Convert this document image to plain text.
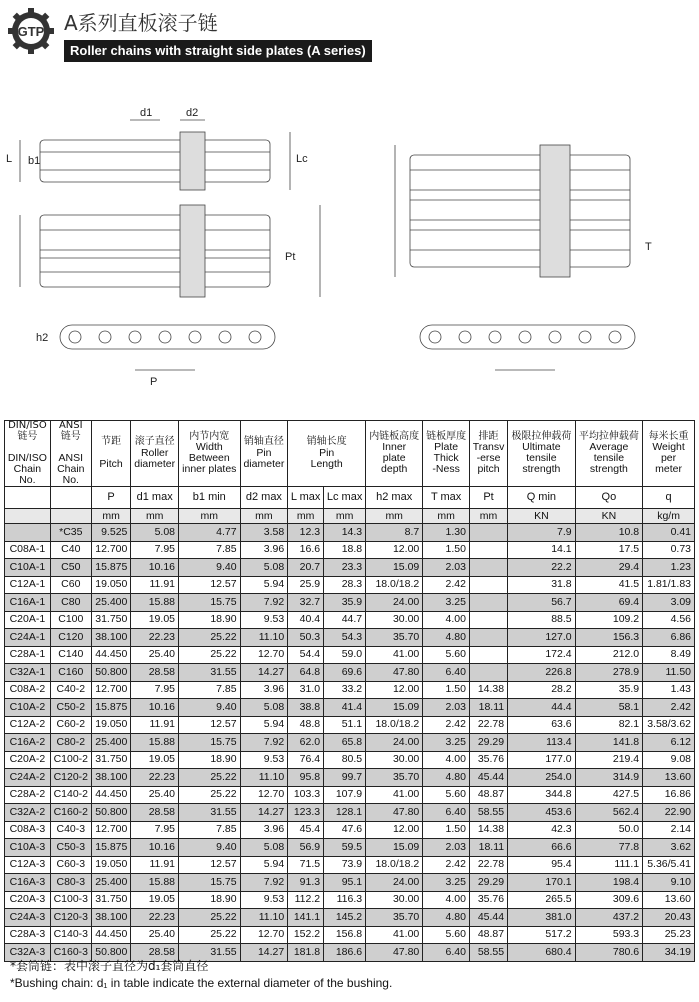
GTP A系列直板滚子链
Roller chains with straight side plates (A series)
d1	d2
L	Lc
b1
Pt
T
h2
P
DIN/ISO
链号

DIN/ISO
Chain
No.	ANSI
链号

ANSI
Chain
No.	节距

Pitch	滚子直径
Roller
diameter	内节内宽
Width
Between
inner plates	销轴直径
Pin
diameter	销轴长度
Pin
Length		内链板高度
Inner
plate
depth	链板厚度
Plate
Thick
-Ness	排距
Transv
-erse
pitch	极限拉伸载荷
Ultimate
tensile
strength	平均拉伸载荷
Average
tensile
strength	每米长重
Weight
per
meter
		P	d1 max	b1 min	d2 max	L max	Lc max	h2 max	T max	Pt	Q min	Qo	q
		mm	mm	mm	mm	mm	mm	mm	mm	mm	KN	KN	kg/m
	*C35	9.525	5.08	4.77	3.58	12.3	14.3	8.7	1.30		7.9	10.8	0.41
C08A-1	C40	12.700	7.95	7.85	3.96	16.6	18.8	12.00	1.50		14.1	17.5	0.73
C10A-1	C50	15.875	10.16	9.40	5.08	20.7	23.3	15.09	2.03		22.2	29.4	1.23
C12A-1	C60	19.050	11.91	12.57	5.94	25.9	28.3	18.0/18.2	2.42		31.8	41.5	1.81/1.83
C16A-1	C80	25.400	15.88	15.75	7.92	32.7	35.9	24.00	3.25		56.7	69.4	3.09
C20A-1	C100	31.750	19.05	18.90	9.53	40.4	44.7	30.00	4.00		88.5	109.2	4.56
C24A-1	C120	38.100	22.23	25.22	11.10	50.3	54.3	35.70	4.80		127.0	156.3	6.86
C28A-1	C140	44.450	25.40	25.22	12.70	54.4	59.0	41.00	5.60		172.4	212.0	8.49
C32A-1	C160	50.800	28.58	31.55	14.27	64.8	69.6	47.80	6.40		226.8	278.9	11.50
C08A-2	C40-2	12.700	7.95	7.85	3.96	31.0	33.2	12.00	1.50	14.38	28.2	35.9	1.43
C10A-2	C50-2	15.875	10.16	9.40	5.08	38.8	41.4	15.09	2.03	18.11	44.4	58.1	2.42
C12A-2	C60-2	19.050	11.91	12.57	5.94	48.8	51.1	18.0/18.2	2.42	22.78	63.6	82.1	3.58/3.62
C16A-2	C80-2	25.400	15.88	15.75	7.92	62.0	65.8	24.00	3.25	29.29	113.4	141.8	6.12
C20A-2	C100-2	31.750	19.05	18.90	9.53	76.4	80.5	30.00	4.00	35.76	177.0	219.4	9.08
C24A-2	C120-2	38.100	22.23	25.22	11.10	95.8	99.7	35.70	4.80	45.44	254.0	314.9	13.60
C28A-2	C140-2	44.450	25.40	25.22	12.70	103.3	107.9	41.00	5.60	48.87	344.8	427.5	16.86
C32A-2	C160-2	50.800	28.58	31.55	14.27	123.3	128.1	47.80	6.40	58.55	453.6	562.4	22.90
C08A-3	C40-3	12.700	7.95	7.85	3.96	45.4	47.6	12.00	1.50	14.38	42.3	50.0	2.14
C10A-3	C50-3	15.875	10.16	9.40	5.08	56.9	59.5	15.09	2.03	18.11	66.6	77.8	3.62
C12A-3	C60-3	19.050	11.91	12.57	5.94	71.5	73.9	18.0/18.2	2.42	22.78	95.4	111.1	5.36/5.41
C16A-3	C80-3	25.400	15.88	15.75	7.92	91.3	95.1	24.00	3.25	29.29	170.1	198.4	9.10
C20A-3	C100-3	31.750	19.05	18.90	9.53	112.2	116.3	30.00	4.00	35.76	265.5	309.6	13.60
C24A-3	C120-3	38.100	22.23	25.22	11.10	141.1	145.2	35.70	4.80	45.44	381.0	437.2	20.43
C28A-3	C140-3	44.450	25.40	25.22	12.70	152.2	156.8	41.00	5.60	48.87	517.2	593.3	25.23
C32A-3	C160-3	50.800	28.58	31.55	14.27	181.8	186.6	47.80	6.40	58.55	680.4	780.6	34.19
*套筒链：表中滚子直径为d₁套筒直径
*Bushing chain: d₁ in table indicate the external diameter of the bushing.
